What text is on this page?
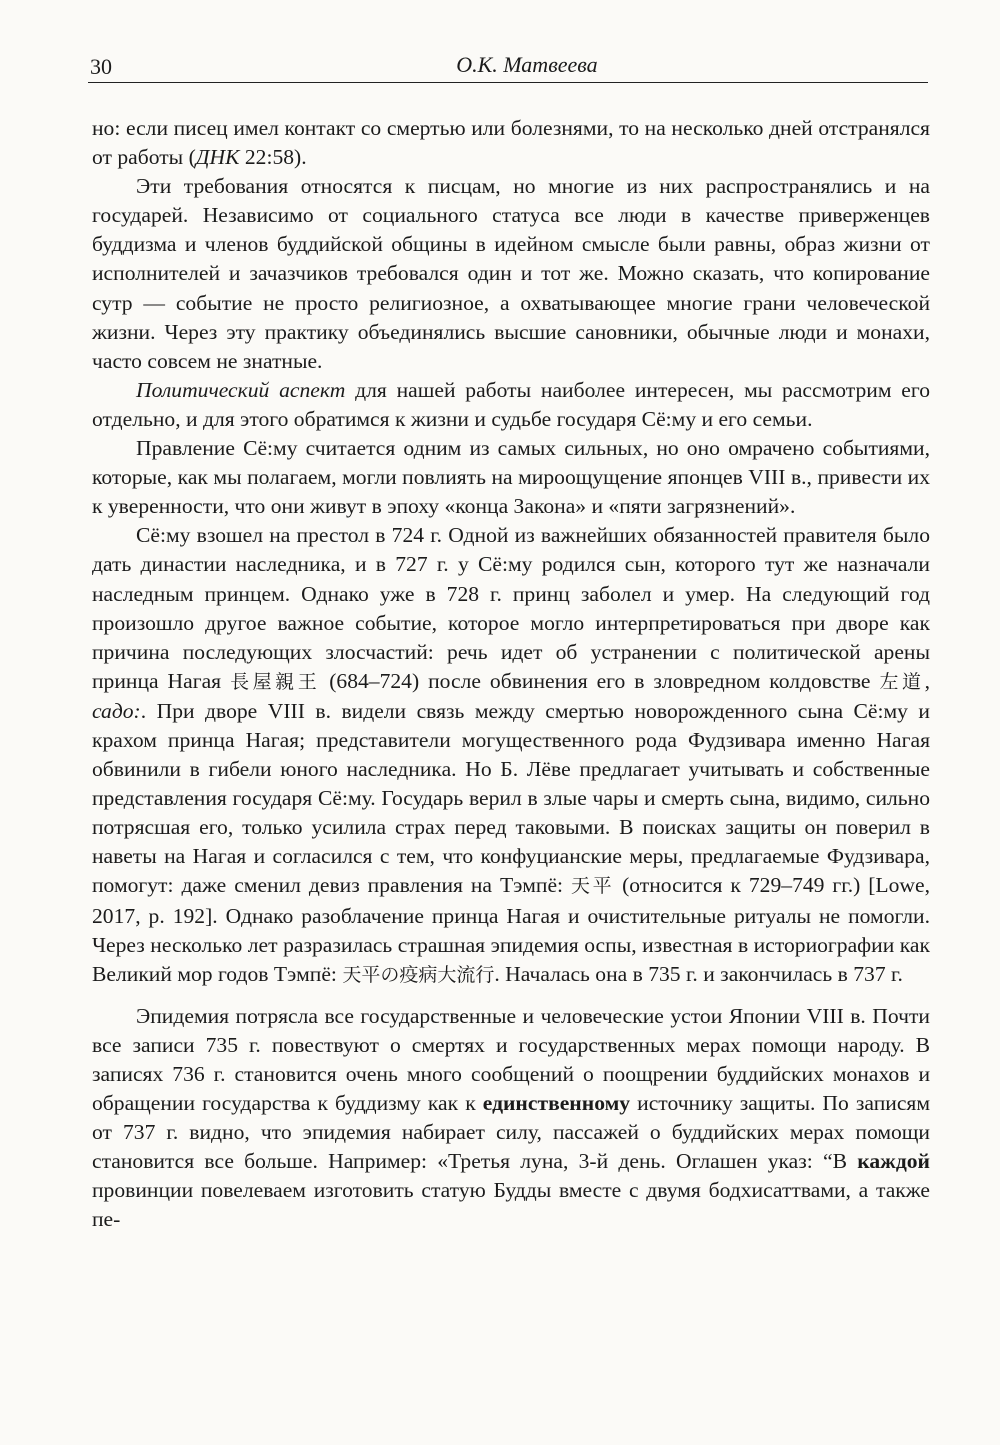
30	О.К. Матвеева

но: если писец имел контакт со смертью или болезнями, то на несколько дней отстранялся от работы (ДНК 22:58).

Эти требования относятся к писцам, но многие из них распространялись и на государей. Независимо от социального статуса все люди в качестве приверженцев буддизма и членов буддийской общины в идейном смысле были равны, образ жизни от исполнителей и зачазчиков требовался один и тот же. Можно сказать, что копирование сутр — событие не просто религиозное, а охватывающее многие грани человеческой жизни. Через эту практику объединялись высшие сановники, обычные люди и монахи, часто совсем не знатные.

Политический аспект для нашей работы наиболее интересен, мы рассмотрим его отдельно, и для этого обратимся к жизни и судьбе государя Сё:му и его семьи.

Правление Сё:му считается одним из самых сильных, но оно омрачено событиями, которые, как мы полагаем, могли повлиять на мироощущение японцев VIII в., привести их к уверенности, что они живут в эпоху «конца Закона» и «пяти загрязнений».

Сё:му взошел на престол в 724 г. Одной из важнейших обязанностей правителя было дать династии наследника, и в 727 г. у Сё:му родился сын, которого тут же назначали наследным принцем. Однако уже в 728 г. принц заболел и умер. На следующий год произошло другое важное событие, которое могло интерпретироваться при дворе как причина последующих злосчастий: речь идет об устранении с политической арены принца Нагая 長屋親王 (684–724) после обвинения его в зловредном колдовстве 左道, садо:. При дворе VIII в. видели связь между смертью новорожденного сына Сё:му и крахом принца Нагая; представители могущественного рода Фудзивара именно Нагая обвинили в гибели юного наследника. Но Б. Лёве предлагает учитывать и собственные представления государя Сё:му. Государь верил в злые чары и смерть сына, видимо, сильно потрясшая его, только усилила страх перед таковыми. В поисках защиты он поверил в наветы на Нагая и согласился с тем, что конфуцианские меры, предлагаемые Фудзивара, помогут: даже сменил девиз правления на Тэмпё: 天平 (относится к 729–749 гг.) [Lowe, 2017, p. 192]. Однако разоблачение принца Нагая и очистительные ритуалы не помогли. Через несколько лет разразилась страшная эпидемия оспы, известная в историографии как Великий мор годов Тэмпё: 天平の疫病大流行. Началась она в 735 г. и закончилась в 737 г.

Эпидемия потрясла все государственные и человеческие устои Японии VIII в. Почти все записи 735 г. повествуют о смертях и государственных мерах помощи народу. В записях 736 г. становится очень много сообщений о поощрении буддийских монахов и обращении государства к буддизму как к единственному источнику защиты. По записям от 737 г. видно, что эпидемия набирает силу, пассажей о буддийских мерах помощи становится все больше. Например: «Третья луна, 3-й день. Оглашен указ: “В каждой провинции повелеваем изготовить статую Будды вместе с двумя бодхисаттвами, а также пе-
